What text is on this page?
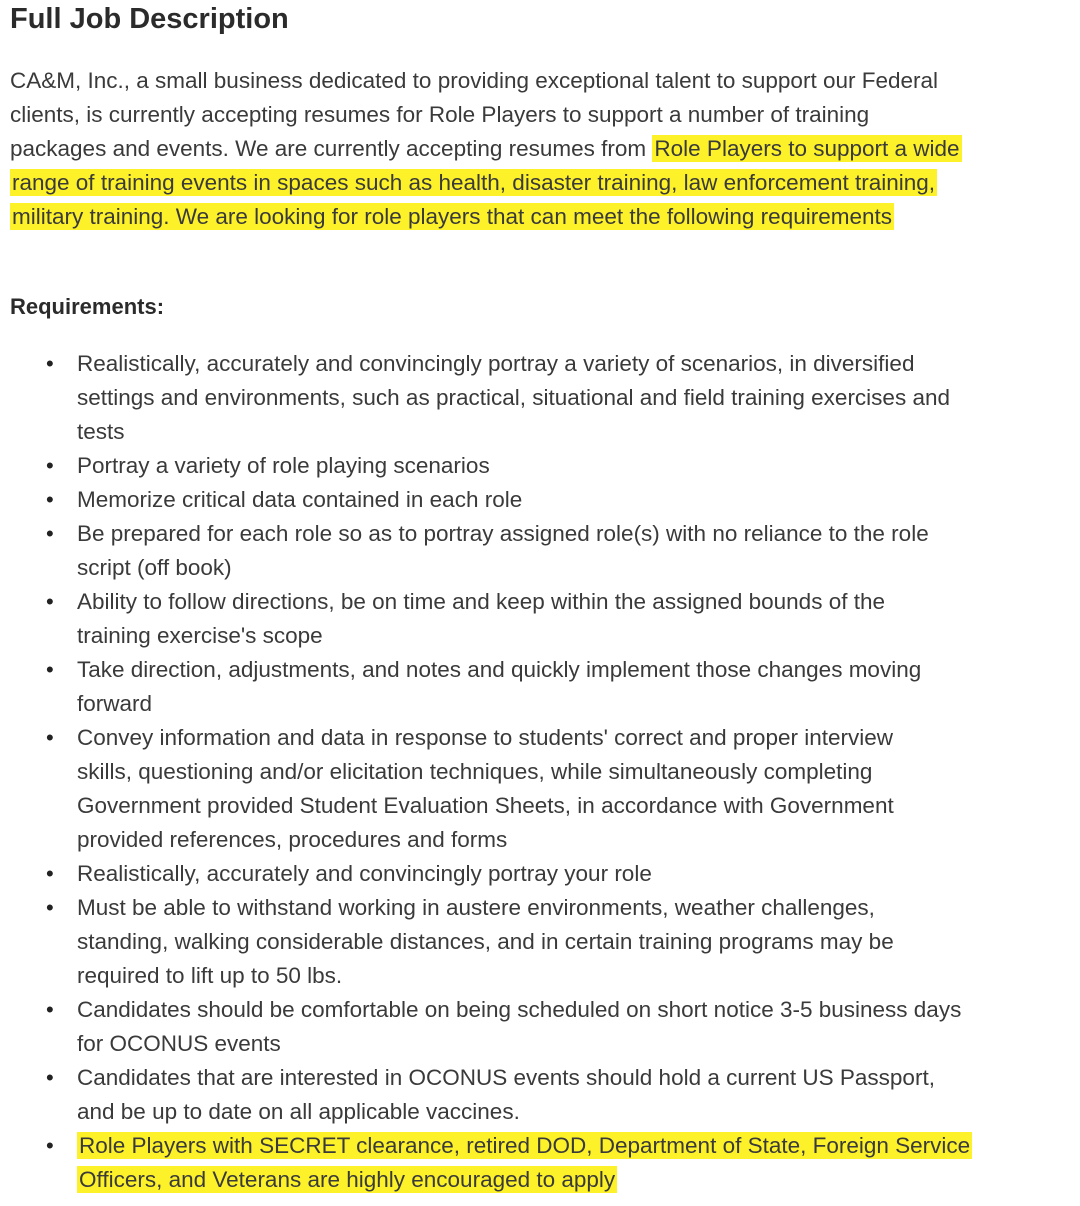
Full Job Description
CA&M, Inc., a small business dedicated to providing exceptional talent to support our Federal
clients, is currently accepting resumes for Role Players to support a number of training
packages and events. We are currently accepting resumes from Role Players to support a wide
range of training events in spaces such as health, disaster training, law enforcement training,
military training. We are looking for role players that can meet the following requirements
Requirements:
• Realistically, accurately and convincingly portray a variety of scenarios, in diversified
settings and environments, such as practical, situational and field training exercises and
tests
• Portray a variety of role playing scenarios
• Memorize critical data contained in each role
• Be prepared for each role so as to portray assigned role(s) with no reliance to the role
script (off book)
• Ability to follow directions, be on time and keep within the assigned bounds of the
training exercise's scope
• Take direction, adjustments, and notes and quickly implement those changes moving
forward
• Convey information and data in response to students' correct and proper interview
skills, questioning and/or elicitation techniques, while simultaneously completing
Government provided Student Evaluation Sheets, in accordance with Government
provided references, procedures and forms
• Realistically, accurately and convincingly portray your role
• Must be able to withstand working in austere environments, weather challenges,
standing, walking considerable distances, and in certain training programs may be
required to lift up to 50 lbs.
• Candidates should be comfortable on being scheduled on short notice 3-5 business days
for OCONUS events
• Candidates that are interested in OCONUS events should hold a current US Passport,
and be up to date on all applicable vaccines.
• Role Players with SECRET clearance, retired DOD, Department of State, Foreign Service
Officers, and Veterans are highly encouraged to apply
